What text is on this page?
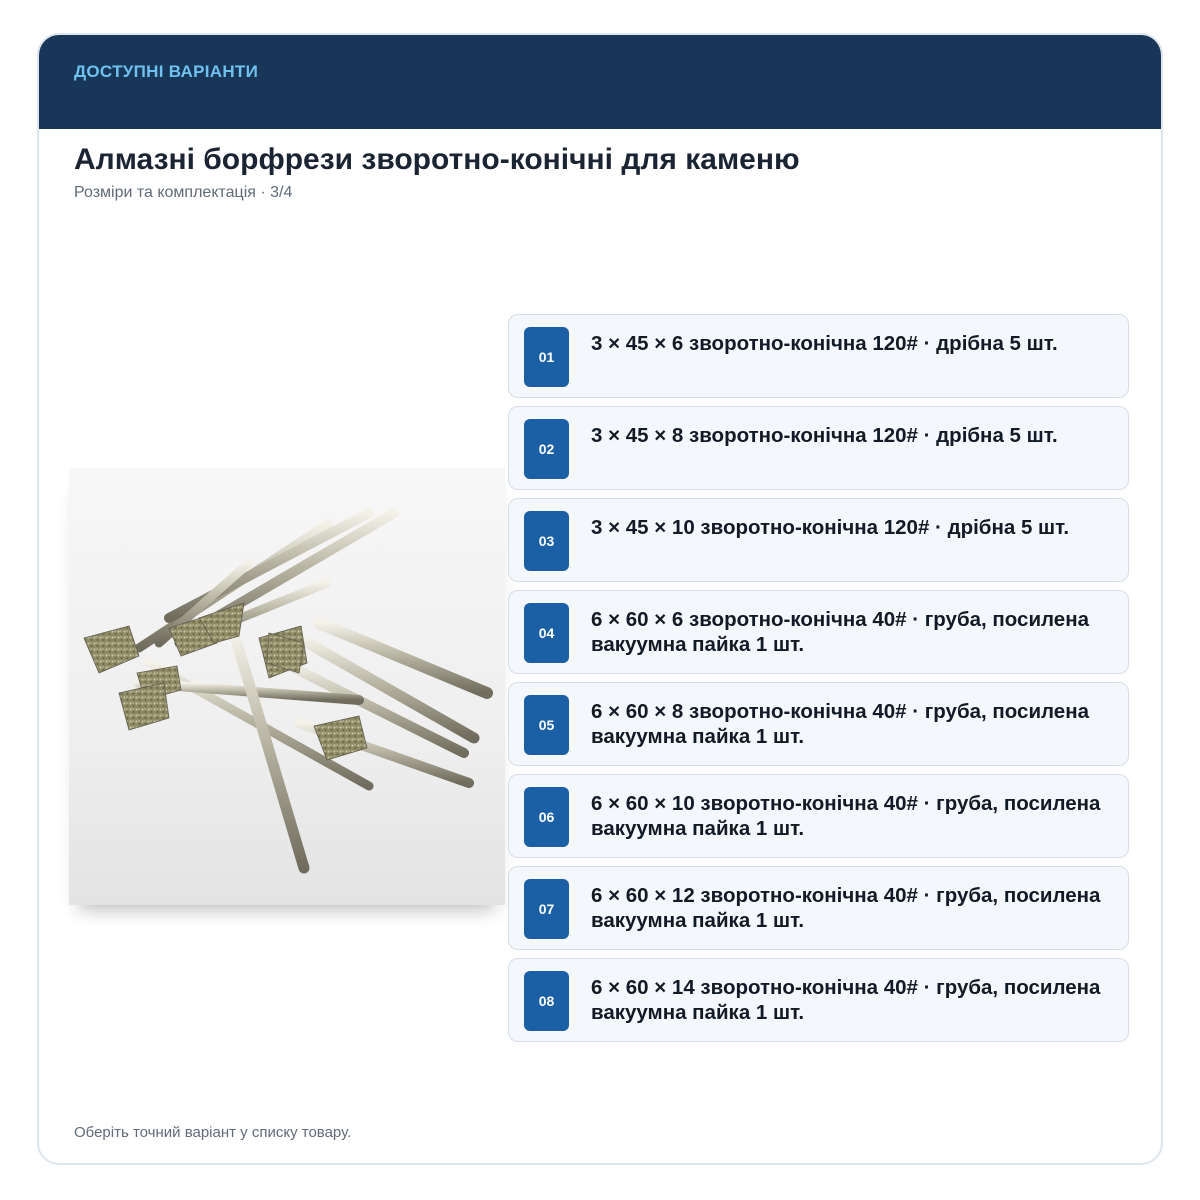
ДОСТУПНІ ВАРІАНТИ
Алмазні борфрези зворотно-конічні для каменю
Розміри та комплектація · 3/4
01
3 × 45 × 6 зворотно-конічна 120# · дрібна 5 шт.
02
3 × 45 × 8 зворотно-конічна 120# · дрібна 5 шт.
03
3 × 45 × 10 зворотно-конічна 120# · дрібна 5 шт.
04
6 × 60 × 6 зворотно-конічна 40# · груба, посилена вакуумна пайка 1 шт.
05
6 × 60 × 8 зворотно-конічна 40# · груба, посилена вакуумна пайка 1 шт.
06
6 × 60 × 10 зворотно-конічна 40# · груба, посилена вакуумна пайка 1 шт.
07
6 × 60 × 12 зворотно-конічна 40# · груба, посилена вакуумна пайка 1 шт.
08
6 × 60 × 14 зворотно-конічна 40# · груба, посилена вакуумна пайка 1 шт.
Оберіть точний варіант у списку товару.
